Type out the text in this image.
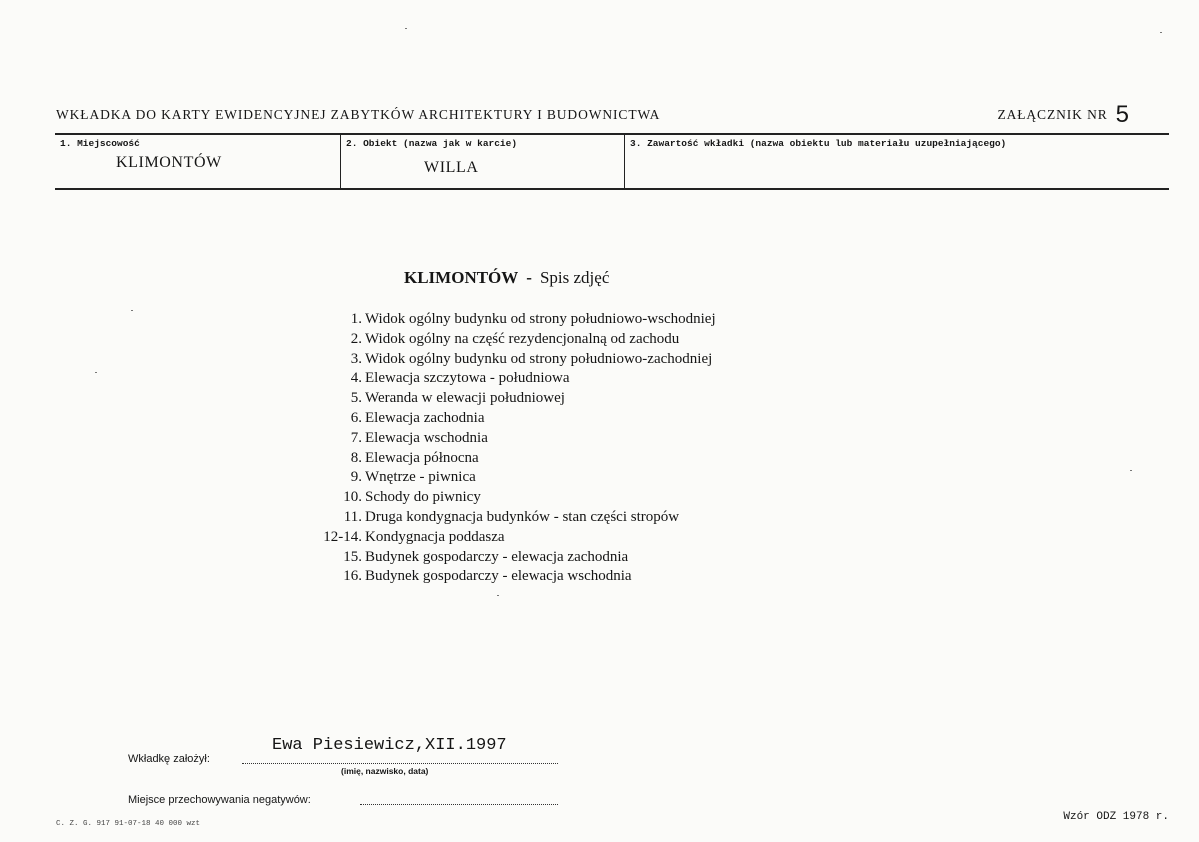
WKŁADKA DO KARTY EWIDENCYJNEJ ZABYTKÓW ARCHITEKTURY I BUDOWNICTWA	ZAŁĄCZNIK NR 5
1. Miejscowość
KLIMONTÓW
2. Obiekt (nazwa jak w karcie)
WILLA
3. Zawartość wkładki (nazwa obiektu lub materiału uzupełniającego)
KLIMONTÓW - Spis zdjęć
1. Widok ogólny budynku od strony południowo-wschodniej
2. Widok ogólny na część rezydencjonalną od zachodu
3. Widok ogólny budynku od strony południowo-zachodniej
4. Elewacja szczytowa - południowa
5. Weranda w elewacji południowej
6. Elewacja zachodnia
7. Elewacja wschodnia
8. Elewacja północna
9. Wnętrze - piwnica
10. Schody do piwnicy
11. Druga kondygnacja budynków - stan części stropów
12-14. Kondygnacja poddasza
15. Budynek gospodarczy - elewacja zachodnia
16. Budynek gospodarczy - elewacja wschodnia
Wkładkę założył:
Ewa Piesiewicz,XII.1997
(imię, nazwisko, data)
Miejsce przechowywania negatywów:
C. Z. G. 917 91-07-18 40 000 wzt
Wzór ODZ 1978 r.
